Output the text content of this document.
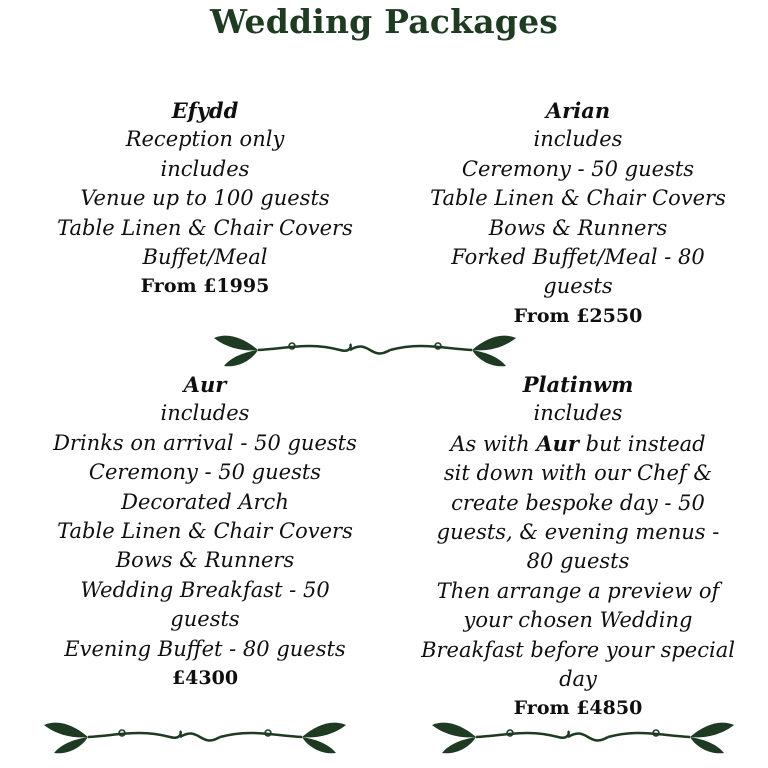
Wedding Packages
Efydd
Reception only
includes
Venue up to 100 guests
Table Linen & Chair Covers
Buffet/Meal
From £1995
Arian
includes
Ceremony - 50 guests
Table Linen & Chair Covers
Bows & Runners
Forked Buffet/Meal - 80
guests
From £2550
Aur
includes
Drinks on arrival - 50 guests
Ceremony - 50 guests
Decorated Arch
Table Linen & Chair Covers
Bows & Runners
Wedding Breakfast - 50
guests
Evening Buffet - 80 guests
£4300
Platinwm
includes
As with Aur but instead
sit down with our Chef &
create bespoke day - 50
guests, & evening menus -
80 guests
Then arrange a preview of
your chosen Wedding
Breakfast before your special
day
From £4850
